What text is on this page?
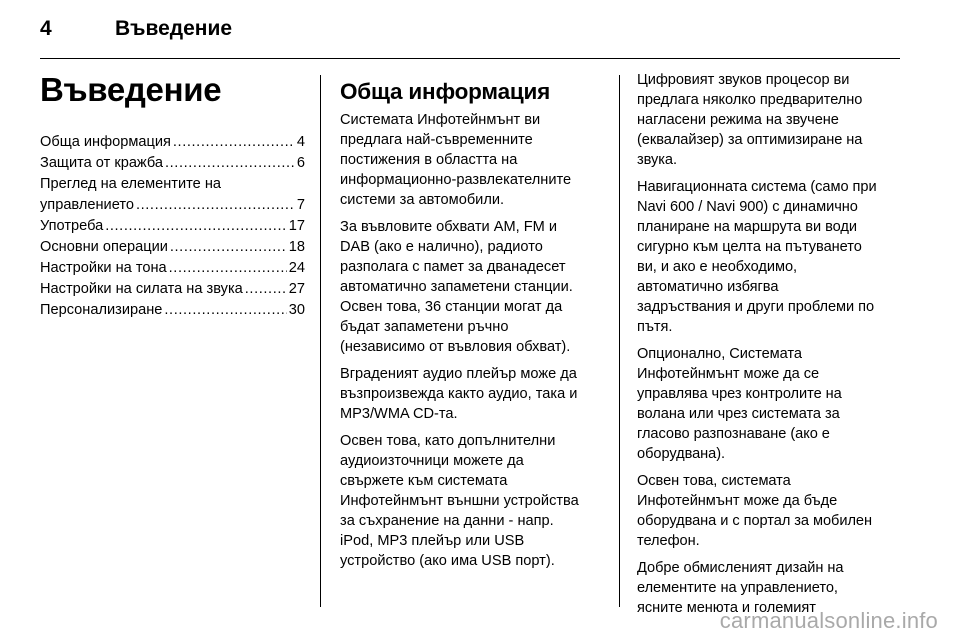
4	Въведение
Въведение
Обща информация .....	4
Защита от кражба .....	6
Преглед на елементите на
управлението .....	7
Употреба .....	17
Основни операции .....	18
Настройки на тона .....	24
Настройки на силата на звука .....	27
Персонализиране .....	30
Обща информация

Системата Инфотейнмънт ви
предлага най-съвременните
постижения в областта на
информационно-развлекателните
системи за автомобили.

За въвловите обхвати АМ, FM и
DAB (ако е налично), радиото
разполага с памет за дванадесет
автоматично запаметени станции.
Освен това, 36 станции могат да
бъдат запаметени ръчно
(независимо от въвловия обхват).

Вграденият аудио плейър може да
възпроизвежда както аудио, така и
MP3/WMA CD-та.

Освен това, като допълнителни
аудиоизточници можете да
свържете към системата
Инфотейнмънт външни устройства
за съхранение на данни - напр.
iPod, MP3 плейър или USB
устройство (ако има USB порт).

Цифровият звуков процесор ви
предлага няколко предварително
нагласени режима на звучене
(еквалайзер) за оптимизиране на
звука.

Навигационната система (само при
Navi 600 / Navi 900) с динамично
планиране на маршрута ви води
сигурно към целта на пътуването
ви, и ако е необходимо,
автоматично избягва
задръствания и други проблеми по
пътя.

Опционално, Системата
Инфотейнмънт може да се
управлява чрез контролите на
волана или чрез системата за
гласово разпознаване (ако е
оборудвана).

Освен това, системата
Инфотейнмънт може да бъде
оборудвана и с портал за мобилен
телефон.

Добре обмисленият дизайн на
елементите на управлението,
ясните менюта и големият

carmanualsonline.info
